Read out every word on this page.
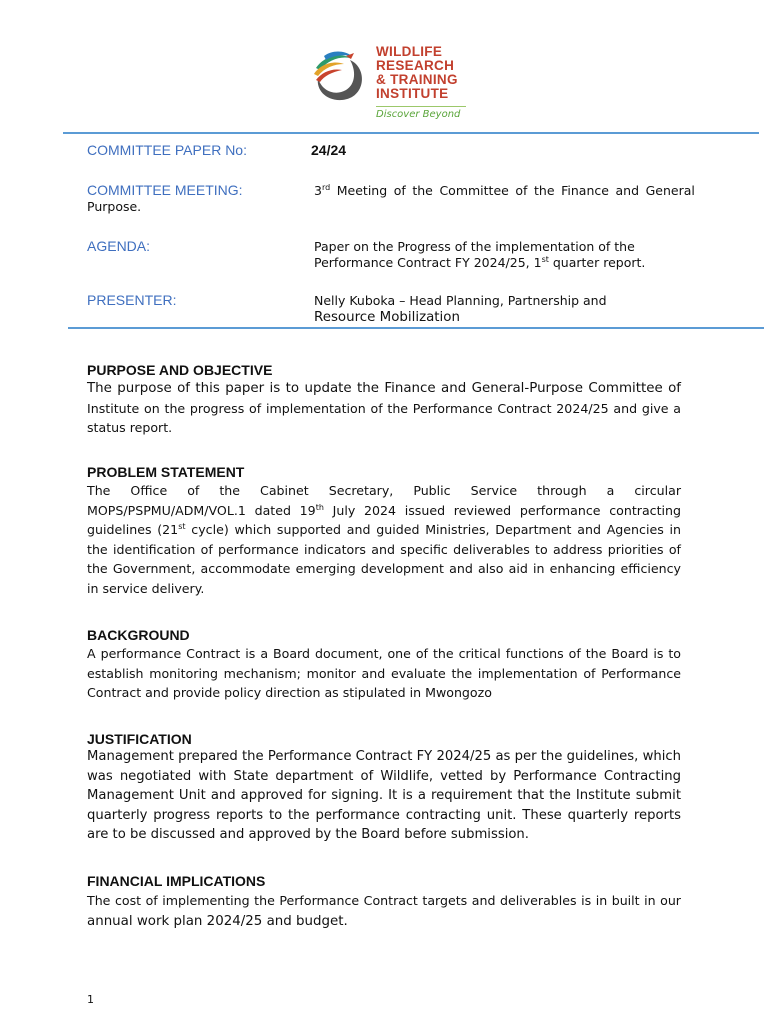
WILDLIFE
RESEARCH
& TRAINING
INSTITUTE
Discover Beyond
COMMITTEE PAPER No:	24/24
COMMITTEE MEETING:	3rd Meeting of the Committee of the Finance and General
Purpose.
AGENDA:	Paper on the Progress of the implementation of the
Performance Contract FY 2024/25, 1st quarter report.
PRESENTER:	Nelly Kuboka – Head Planning, Partnership and
Resource Mobilization
PURPOSE AND OBJECTIVE
The purpose of this paper is to update the Finance and General-Purpose Committee of Institute on the progress of implementation of the Performance Contract 2024/25 and give a status report.
PROBLEM STATEMENT
The Office of the Cabinet Secretary, Public Service through a circular MOPS/PSPMU/ADM/VOL.1 dated 19th July 2024 issued reviewed performance contracting guidelines (21st cycle) which supported and guided Ministries, Department and Agencies in the identification of performance indicators and specific deliverables to address priorities of the Government, accommodate emerging development and also aid in enhancing efficiency in service delivery.
BACKGROUND
A performance Contract is a Board document, one of the critical functions of the Board is to establish monitoring mechanism; monitor and evaluate the implementation of Performance Contract and provide policy direction as stipulated in Mwongozo
JUSTIFICATION
Management prepared the Performance Contract FY 2024/25 as per the guidelines, which was negotiated with State department of Wildlife, vetted by Performance Contracting Management Unit and approved for signing. It is a requirement that the Institute submit quarterly progress reports to the performance contracting unit. These quarterly reports are to be discussed and approved by the Board before submission.
FINANCIAL IMPLICATIONS
The cost of implementing the Performance Contract targets and deliverables is in built in our annual work plan 2024/25 and budget.
1
